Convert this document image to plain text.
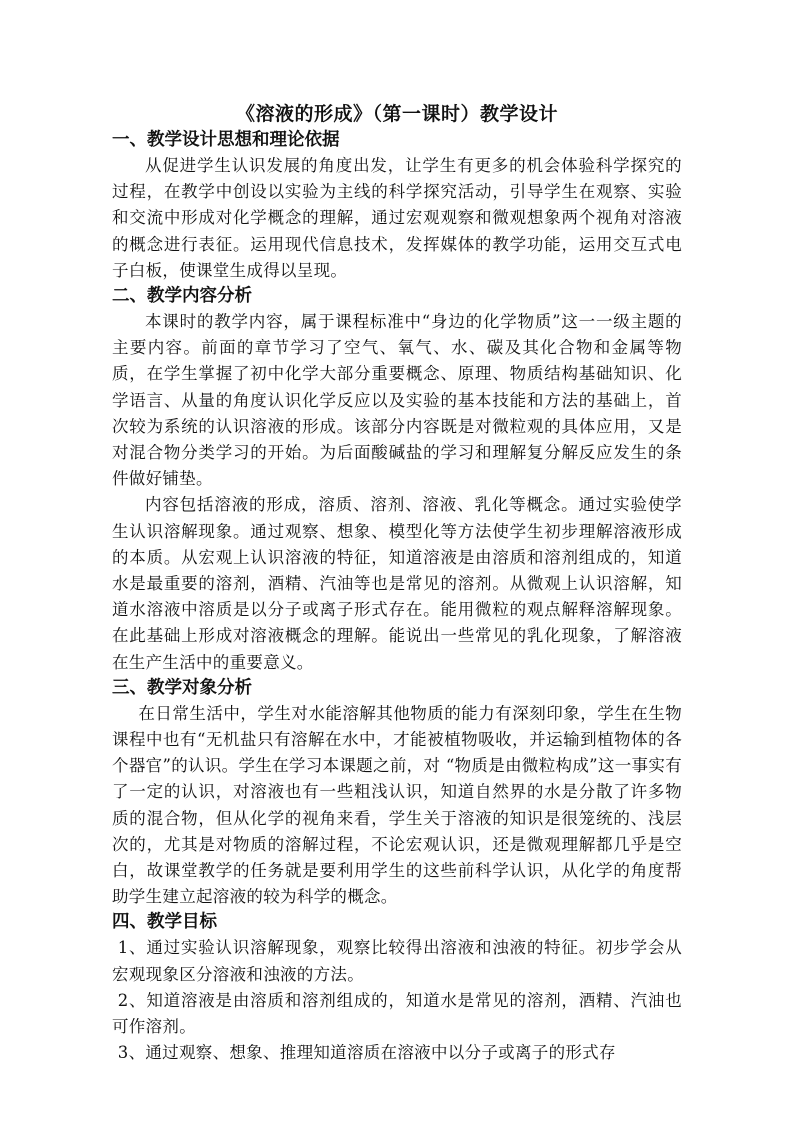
《溶液的形成》（第一课时）教学设计
一、教学设计思想和理论依据

从促进学生认识发展的角度出发，让学生有更多的机会体验科学探究的过程，在教学中创设以实验为主线的科学探究活动，引导学生在观察、实验和交流中形成对化学概念的理解，通过宏观观察和微观想象两个视角对溶液的概念进行表征。运用现代信息技术，发挥媒体的教学功能，运用交互式电子白板，使课堂生成得以呈现。

二、教学内容分析

本课时的教学内容，属于课程标准中“身边的化学物质”这一一级主题的主要内容。前面的章节学习了空气、氧气、水、碳及其化合物和金属等物质，在学生掌握了初中化学大部分重要概念、原理、物质结构基础知识、化学语言、从量的角度认识化学反应以及实验的基本技能和方法的基础上，首次较为系统的认识溶液的形成。该部分内容既是对微粒观的具体应用，又是对混合物分类学习的开始。为后面酸碱盐的学习和理解复分解反应发生的条件做好铺垫。

内容包括溶液的形成，溶质、溶剂、溶液、乳化等概念。通过实验使学生认识溶解现象。通过观察、想象、模型化等方法使学生初步理解溶液形成的本质。从宏观上认识溶液的特征，知道溶液是由溶质和溶剂组成的，知道水是最重要的溶剂，酒精、汽油等也是常见的溶剂。从微观上认识溶解，知道水溶液中溶质是以分子或离子形式存在。能用微粒的观点解释溶解现象。 在此基础上形成对溶液概念的理解。能说出一些常见的乳化现象，了解溶液在生产生活中的重要意义。

三、教学对象分析

在日常生活中，学生对水能溶解其他物质的能力有深刻印象，学生在生物课程中也有“无机盐只有溶解在水中，才能被植物吸收，并运输到植物体的各个器官”的认识。学生在学习本课题之前，对 “物质是由微粒构成”这一事实有了一定的认识，对溶液也有一些粗浅认识，知道自然界的水是分散了许多物质的混合物，但从化学的视角来看，学生关于溶液的知识是很笼统的、浅层次的，尤其是对物质的溶解过程，不论宏观认识，还是微观理解都几乎是空白，故课堂教学的任务就是要利用学生的这些前科学认识，从化学的角度帮助学生建立起溶液的较为科学的概念。

四、教学目标

1、通过实验认识溶解现象，观察比较得出溶液和浊液的特征。初步学会从宏观现象区分溶液和浊液的方法。

2、知道溶液是由溶质和溶剂组成的，知道水是常见的溶剂，酒精、汽油也可作溶剂。

3、通过观察、想象、推理知道溶质在溶液中以分子或离子的形式存
